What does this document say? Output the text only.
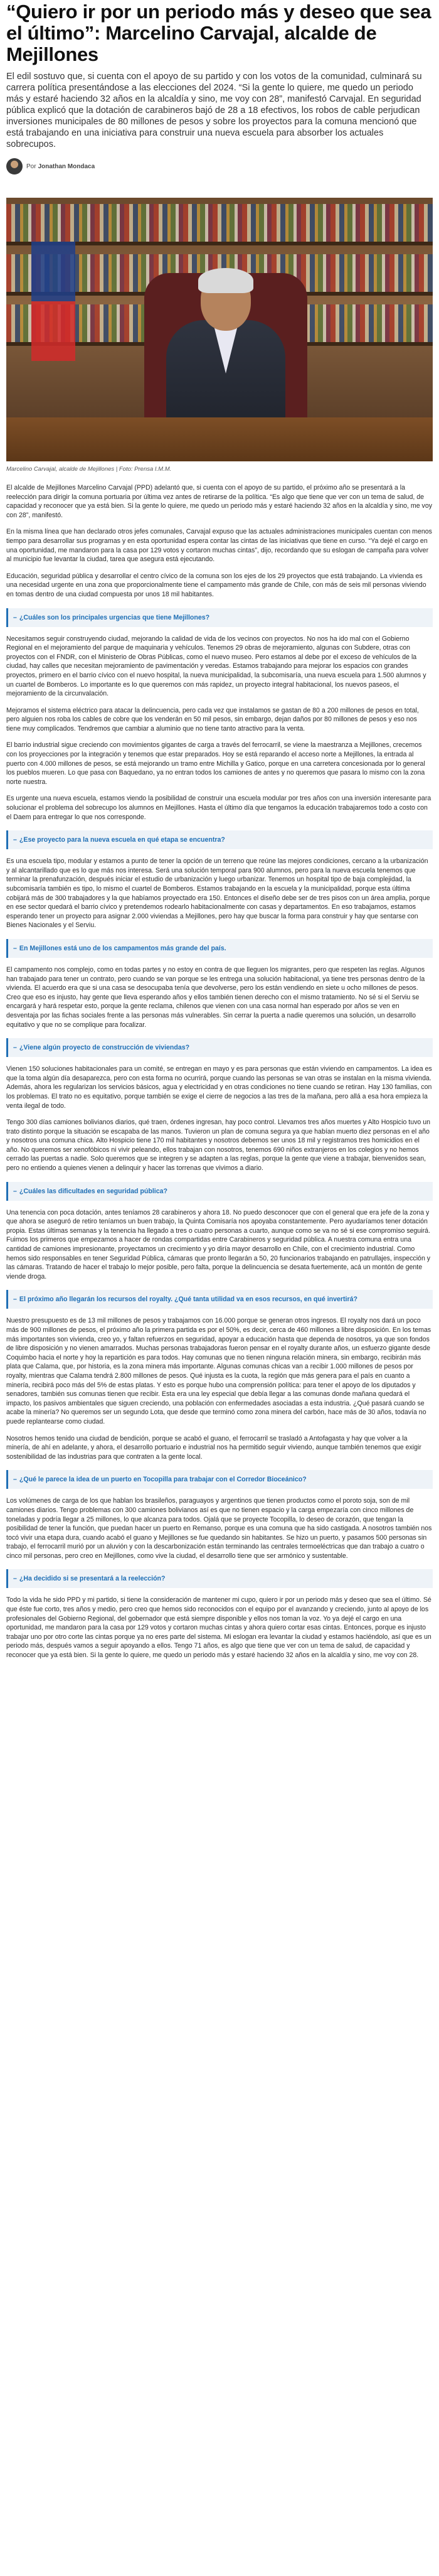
“Quiero ir por un periodo más y deseo que sea el último”: Marcelino Carvajal, alcalde de Mejillones

El edil sostuvo que, si cuenta con el apoyo de su partido y con los votos de la comunidad, culminará su carrera política presentándose a las elecciones del 2024. “Si la gente lo quiere, me quedo un periodo más y estaré haciendo 32 años en la alcaldía y sino, me voy con 28”, manifestó Carvajal. En seguridad pública explicó que la dotación de carabineros bajó de 28 a 18 efectivos, los robos de cable perjudican inversiones municipales de 80 millones de pesos y sobre los proyectos para la comuna mencionó que está trabajando en una iniciativa para construir una nueva escuela para absorber los actuales sobrecupos.

Por Jonathan Mondaca
Marcelino Carvajal, alcalde de Mejillones | Foto: Prensa I.M.M.

El alcalde de Mejillones Marcelino Carvajal (PPD) adelantó que, si cuenta con el apoyo de su partido, el próximo año se presentará a la reelección para dirigir la comuna portuaria por última vez antes de retirarse de la política. “Es algo que tiene que ver con un tema de salud, de capacidad y reconocer que ya está bien. Si la gente lo quiere, me quedo un periodo más y estaré haciendo 32 años en la alcaldía y sino, me voy con 28”, manifestó.

En la misma línea que han declarado otros jefes comunales, Carvajal expuso que las actuales administraciones municipales cuentan con menos tiempo para desarrollar sus programas y en esta oportunidad espera contar las cintas de las iniciativas que tiene en curso. “Ya dejé el cargo en una oportunidad, me mandaron para la casa por 129 votos y cortaron muchas cintas”, dijo, recordando que su eslogan de campaña para volver al municipio fue levantar la ciudad, tarea que asegura está ejecutando.

Educación, seguridad pública y desarrollar el centro cívico de la comuna son los ejes de los 29 proyectos que está trabajando. La vivienda es una necesidad urgente en una zona que proporcionalmente tiene el campamento más grande de Chile, con más de seis mil personas viviendo en tomas dentro de una ciudad compuesta por unos 18 mil habitantes.

– ¿Cuáles son los principales urgencias que tiene Mejillones?

Necesitamos seguir construyendo ciudad, mejorando la calidad de vida de los vecinos con proyectos. No nos ha ido mal con el Gobierno Regional en el mejoramiento del parque de maquinaria y vehículos. Tenemos 29 obras de mejoramiento, algunas con Subdere, otras con proyectos con el FNDR, con el Ministerio de Obras Públicas, como el nuevo museo. Pero estamos al debe por el exceso de vehículos de la ciudad, hay calles que necesitan mejoramiento de pavimentación y veredas. Estamos trabajando para mejorar los espacios con grandes proyectos, primero en el barrio cívico con el nuevo hospital, la nueva municipalidad, la subcomisaría, una nueva escuela para 1.500 alumnos y un cuartel de Bomberos. Lo importante es lo que queremos con más rapidez, un proyecto integral habitacional, los nuevos paseos, el mejoramiento de la circunvalación.

Mejoramos el sistema eléctrico para atacar la delincuencia, pero cada vez que instalamos se gastan de 80 a 200 millones de pesos en total, pero alguien nos roba los cables de cobre que los venderán en 50 mil pesos, sin embargo, dejan daños por 80 millones de pesos y eso nos tiene muy complicados. Tendremos que cambiar a aluminio que no tiene tanto atractivo para la venta.

El barrio industrial sigue creciendo con movimientos gigantes de carga a través del ferrocarril, se viene la maestranza a Mejillones, crecemos con los proyecciones por la integración y tenemos que estar preparados. Hoy se está reparando el acceso norte a Mejillones, la entrada al puerto con 4.000 millones de pesos, se está mejorando un tramo entre Michilla y Gatico, porque en una carretera concesionada por lo general los pueblos mueren. Lo que pasa con Baquedano, ya no entran todos los camiones de antes y no queremos que pasara lo mismo con la zona norte nuestra.

Es urgente una nueva escuela, estamos viendo la posibilidad de construir una escuela modular por tres años con una inversión interesante para solucionar el problema del sobrecupo los alumnos en Mejillones. Hasta el último día que tengamos la educación trabajaremos todo a costo con el Daem para entregar lo que nos corresponde.

– ¿Ese proyecto para la nueva escuela en qué etapa se encuentra?

Es una escuela tipo, modular y estamos a punto de tener la opción de un terreno que reúne las mejores condiciones, cercano a la urbanización y al alcantarillado que es lo que más nos interesa. Será una solución temporal para 900 alumnos, pero para la nueva escuela tenemos que terminar la prenafunzación, después iniciar el estudio de urbanización y luego urbanizar. Tenemos un hospital tipo de baja complejidad, la subcomisaría también es tipo, lo mismo el cuartel de Bomberos. Estamos trabajando en la escuela y la municipalidad, porque esta última cobijará más de 300 trabajadores y la que habíamos proyectado era 150. Entonces el diseño debe ser de tres pisos con un área amplia, porque en ese sector quedará el barrio cívico y pretendemos rodearlo habitacionalmente con casas y departamentos. En eso trabajamos, estamos esperando tener un proyecto para asignar 2.000 viviendas a Mejillones, pero hay que buscar la forma para construir y hay que sentarse con Bienes Nacionales y el Serviu.

– En Mejillones está uno de los campamentos más grande del país.

El campamento nos complejo, como en todas partes y no estoy en contra de que lleguen los migrantes, pero que respeten las reglas. Algunos han trabajado para tener un contrato, pero cuando se van porque se les entrega una solución habitacional, ya tiene tres personas dentro de la vivienda. El acuerdo era que si una casa se desocupaba tenía que devolverse, pero los están vendiendo en siete u ocho millones de pesos. Creo que eso es injusto, hay gente que lleva esperando años y ellos también tienen derecho con el mismo tratamiento. No sé si el Serviu se encargará y hará respetar esto, porque la gente reclama, chilenos que vienen con una casa normal han esperado por años se ven en desventaja por las fichas sociales frente a las personas más vulnerables. Sin cerrar la puerta a nadie queremos una solución, un desarrollo equitativo y que no se complique para focalizar.

– ¿Viene algún proyecto de construcción de viviendas?

Vienen 150 soluciones habitacionales para un comité, se entregan en mayo y es para personas que están viviendo en campamentos. La idea es que la toma algún día desaparezca, pero con esta forma no ocurrirá, porque cuando las personas se van otras se instalan en la misma vivienda. Además, ahora les regularizan los servicios básicos, agua y electricidad y en otras condiciones no tiene cuando se retiran. Hay 130 familias, con los problemas. El trato no es equitativo, porque también se exige el cierre de negocios a las tres de la mañana, pero allá a esa hora empieza la venta ilegal de todo.

Tengo 300 días camiones bolivianos diarios, qué traen, órdenes ingresan, hay poco control. Llevamos tres años muertes y Alto Hospicio tuvo un trato distinto porque la situación se escapaba de las manos. Tuvieron un plan de comuna segura ya que habían muerto diez personas en el año y nosotros una comuna chica. Alto Hospicio tiene 170 mil habitantes y nosotros debemos ser unos 18 mil y registramos tres homicidios en el año. No queremos ser xenofóbicos ni vivir peleando, ellos trabajan con nosotros, tenemos 690 niños extranjeros en los colegios y no hemos cerrado las puertas a nadie. Solo queremos que se integren y se adapten a las reglas, porque la gente que viene a trabajar, bienvenidos sean, pero no entiendo a quienes vienen a delinquir y hacer las torrenas que vivimos a diario.

– ¿Cuáles las dificultades en seguridad pública?

Una tenencia con poca dotación, antes teníamos 28 carabineros y ahora 18. No puedo desconocer que con el general que era jefe de la zona y que ahora se aseguró de retiro teníamos un buen trabajo, la Quinta Comisaría nos apoyaba constantemente. Pero ayudaríamos tener dotación propia. Estas últimas semanas y la tenencia ha llegado a tres o cuatro personas a cuarto, aunque como se va no sé si ese compromiso seguirá. Fuimos los primeros que empezamos a hacer de rondas compartidas entre Carabineros y seguridad pública. A nuestra comuna entra una cantidad de camiones impresionante, proyectamos un crecimiento y yo diría mayor desarrollo en Chile, con el crecimiento industrial. Como hemos sido responsables en tener Seguridad Pública, cámaras que pronto llegarán a 50, 20 funcionarios trabajando en patrullajes, inspección y las cámaras. Tratando de hacer el trabajo lo mejor posible, pero falta, porque la delincuencia se desata fuertemente, acá un montón de gente viende droga.

– El próximo año llegarán los recursos del royalty. ¿Qué tanta utilidad va en esos recursos, en qué invertirá?

Nuestro presupuesto es de 13 mil millones de pesos y trabajamos con 16.000 porque se generan otros ingresos. El royalty nos dará un poco más de 900 millones de pesos, el próximo año la primera partida es por el 50%, es decir, cerca de 460 millones a libre disposición. En los temas más importantes son vivienda, creo yo, y faltan refuerzos en seguridad, apoyar a educación hasta que dependa de nosotros, ya que son fondos de libre disposición y no vienen amarrados. Muchas personas trabajadoras fueron pensar en el royalty durante años, un esfuerzo gigante desde Coquimbo hacia el norte y hoy la repartición es para todos. Hay comunas que no tienen ninguna relación minera, sin embargo, recibirán más plata que Calama, que, por historia, es la zona minera más importante. Algunas comunas chicas van a recibir 1.000 millones de pesos por royalty, mientras que Calama tendrá 2.800 millones de pesos. Qué injusta es la cuota, la región que más genera para el país en cuanto a minería, recibirá poco más del 5% de estas platas. Y esto es porque hubo una comprensión política: para tener el apoyo de los diputados y senadores, también sus comunas tienen que recibir. Esta era una ley especial que debía llegar a las comunas donde mañana quedará el impacto, los pasivos ambientales que siguen creciendo, una población con enfermedades asociadas a esta industria. ¿Qué pasará cuando se acabe la minería? No queremos ser un segundo Lota, que desde que terminó como zona minera del carbón, hace más de 30 años, todavía no puede replantearse como ciudad.

Nosotros hemos tenido una ciudad de bendición, porque se acabó el guano, el ferrocarril se trasladó a Antofagasta y hay que volver a la minería, de ahí en adelante, y ahora, el desarrollo portuario e industrial nos ha permitido seguir viviendo, aunque también tenemos que exigir sostenibilidad de las industrias para que contraten a la gente local.

– ¿Qué le parece la idea de un puerto en Tocopilla para trabajar con el Corredor Bioceánico?

Los volúmenes de carga de los que hablan los brasileños, paraguayos y argentinos que tienen productos como el poroto soja, son de mil camiones diarios. Tengo problemas con 300 camiones bolivianos así es que no tienen espacio y la carga empezaría con cinco millones de toneladas y podría llegar a 25 millones, lo que alcanza para todos. Ojalá que se proyecte Tocopilla, lo deseo de corazón, que tengan la posibilidad de tener la función, que puedan hacer un puerto en Remanso, porque es una comuna que ha sido castigada. A nosotros también nos tocó vivir una etapa dura, cuando acabó el guano y Mejillones se fue quedando sin habitantes. Se hizo un puerto, y pasamos 500 personas sin trabajo, el ferrocarril murió por un aluvión y con la descarbonización están terminando las centrales termoeléctricas que dan trabajo a cuatro o cinco mil personas, pero creo en Mejillones, como vive la ciudad, el desarrollo tiene que ser armónico y sustentable.

– ¿Ha decidido si se presentará a la reelección?

Todo la vida he sido PPD y mi partido, si tiene la consideración de mantener mi cupo, quiero ir por un periodo más y deseo que sea el último. Sé que éste fue corto, tres años y medio, pero creo que hemos sido reconocidos con el equipo por el avanzando y creciendo, junto al apoyo de los profesionales del Gobierno Regional, del gobernador que está siempre disponible y ellos nos toman la voz. Yo ya dejé el cargo en una oportunidad, me mandaron para la casa por 129 votos y cortaron muchas cintas y ahora quiero cortar esas cintas. Entonces, porque es injusto trabajar uno por otro corte las cintas porque ya no eres parte del sistema. Mi eslogan era levantar la ciudad y estamos haciéndolo, así que es un periodo más, después vamos a seguir apoyando a ellos. Tengo 71 años, es algo que tiene que ver con un tema de salud, de capacidad y reconocer que ya está bien. Si la gente lo quiere, me quedo un periodo más y estaré haciendo 32 años en la alcaldía y sino, me voy con 28.
